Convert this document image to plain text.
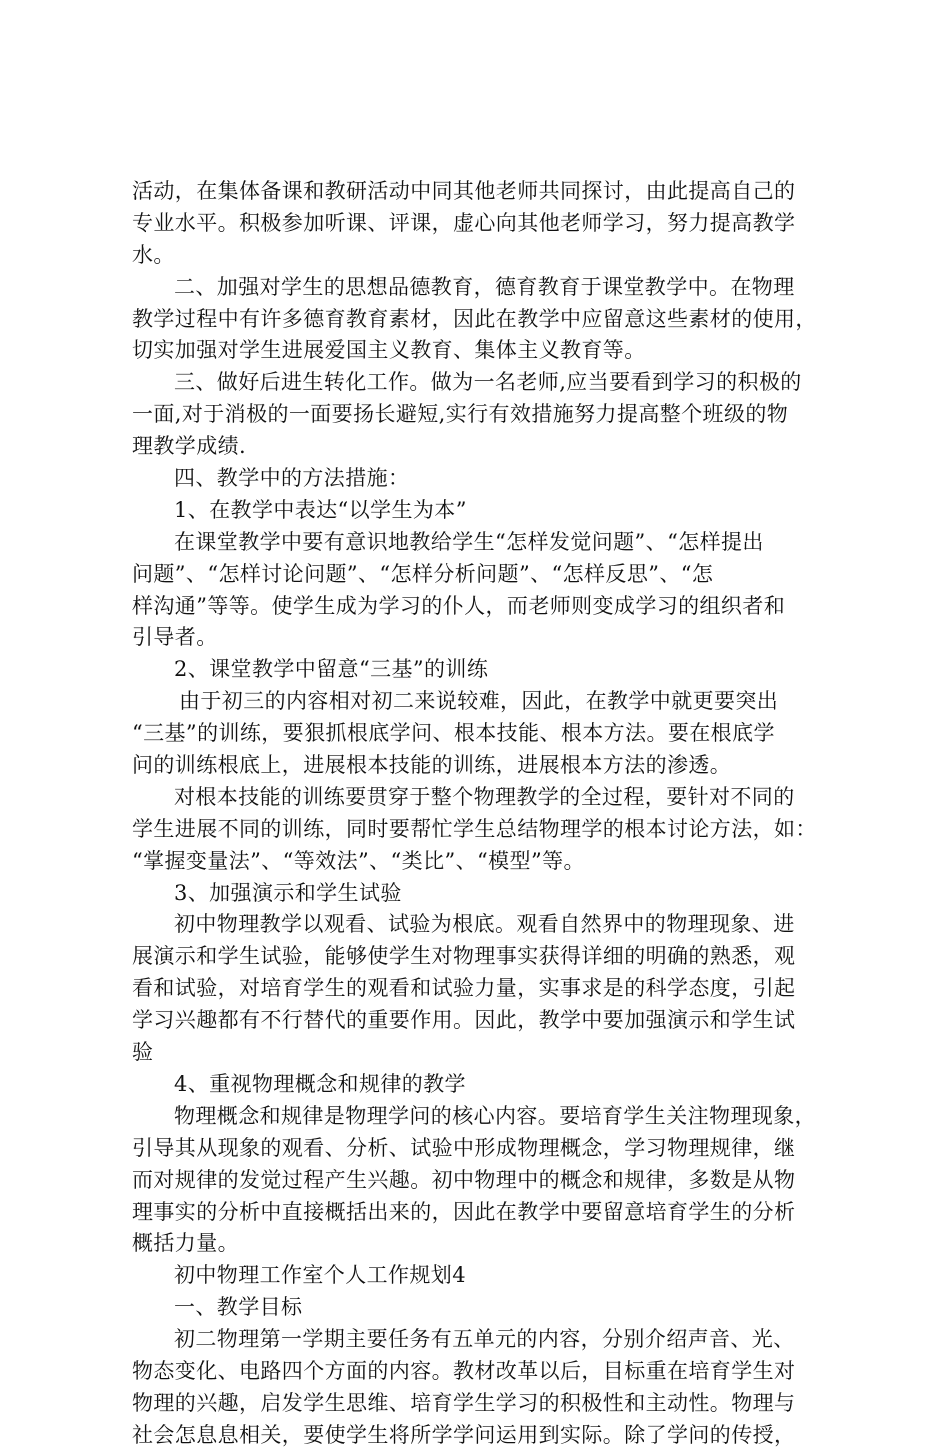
活动，在集体备课和教研活动中同其他老师共同探讨，由此提高自己的
专业水平。积极参加听课、评课，虚心向其他老师学习，努力提高教学
水。
二、加强对学生的思想品德教育，德育教育于课堂教学中。在物理
教学过程中有许多德育教育素材，因此在教学中应留意这些素材的使用，
切实加强对学生进展爱国主义教育、集体主义教育等。
三、做好后进生转化工作。做为一名老师,应当要看到学习的积极的
一面,对于消极的一面要扬长避短,实行有效措施努力提高整个班级的物
理教学成绩.
四、教学中的方法措施：
1、在教学中表达“以学生为本”
在课堂教学中要有意识地教给学生“怎样发觉问题”、“怎样提出
问题”、“怎样讨论问题”、“怎样分析问题”、“怎样反思”、“怎
样沟通”等等。使学生成为学习的仆人，而老师则变成学习的组织者和
引导者。
2、课堂教学中留意“三基”的训练
由于初三的内容相对初二来说较难，因此，在教学中就更要突出
“三基”的训练，要狠抓根底学问、根本技能、根本方法。要在根底学
问的训练根底上，进展根本技能的训练，进展根本方法的渗透。
对根本技能的训练要贯穿于整个物理教学的全过程，要针对不同的
学生进展不同的训练，同时要帮忙学生总结物理学的根本讨论方法，如：
“掌握变量法”、“等效法”、“类比”、“模型”等。
3、加强演示和学生试验
初中物理教学以观看、试验为根底。观看自然界中的物理现象、进
展演示和学生试验，能够使学生对物理事实获得详细的明确的熟悉，观
看和试验，对培育学生的观看和试验力量，实事求是的科学态度，引起
学习兴趣都有不行替代的重要作用。因此，教学中要加强演示和学生试
验
4、重视物理概念和规律的教学
物理概念和规律是物理学问的核心内容。要培育学生关注物理现象，
引导其从现象的观看、分析、试验中形成物理概念，学习物理规律，继
而对规律的发觉过程产生兴趣。初中物理中的概念和规律，多数是从物
理事实的分析中直接概括出来的，因此在教学中要留意培育学生的分析
概括力量。
初中物理工作室个人工作规划4
一、教学目标
初二物理第一学期主要任务有五单元的内容，分别介绍声音、光、
物态变化、电路四个方面的内容。教材改革以后，目标重在培育学生对
物理的兴趣，启发学生思维、培育学生学习的积极性和主动性。物理与
社会怎息息相关，要使学生将所学学问运用到实际。除了学问的传授，
